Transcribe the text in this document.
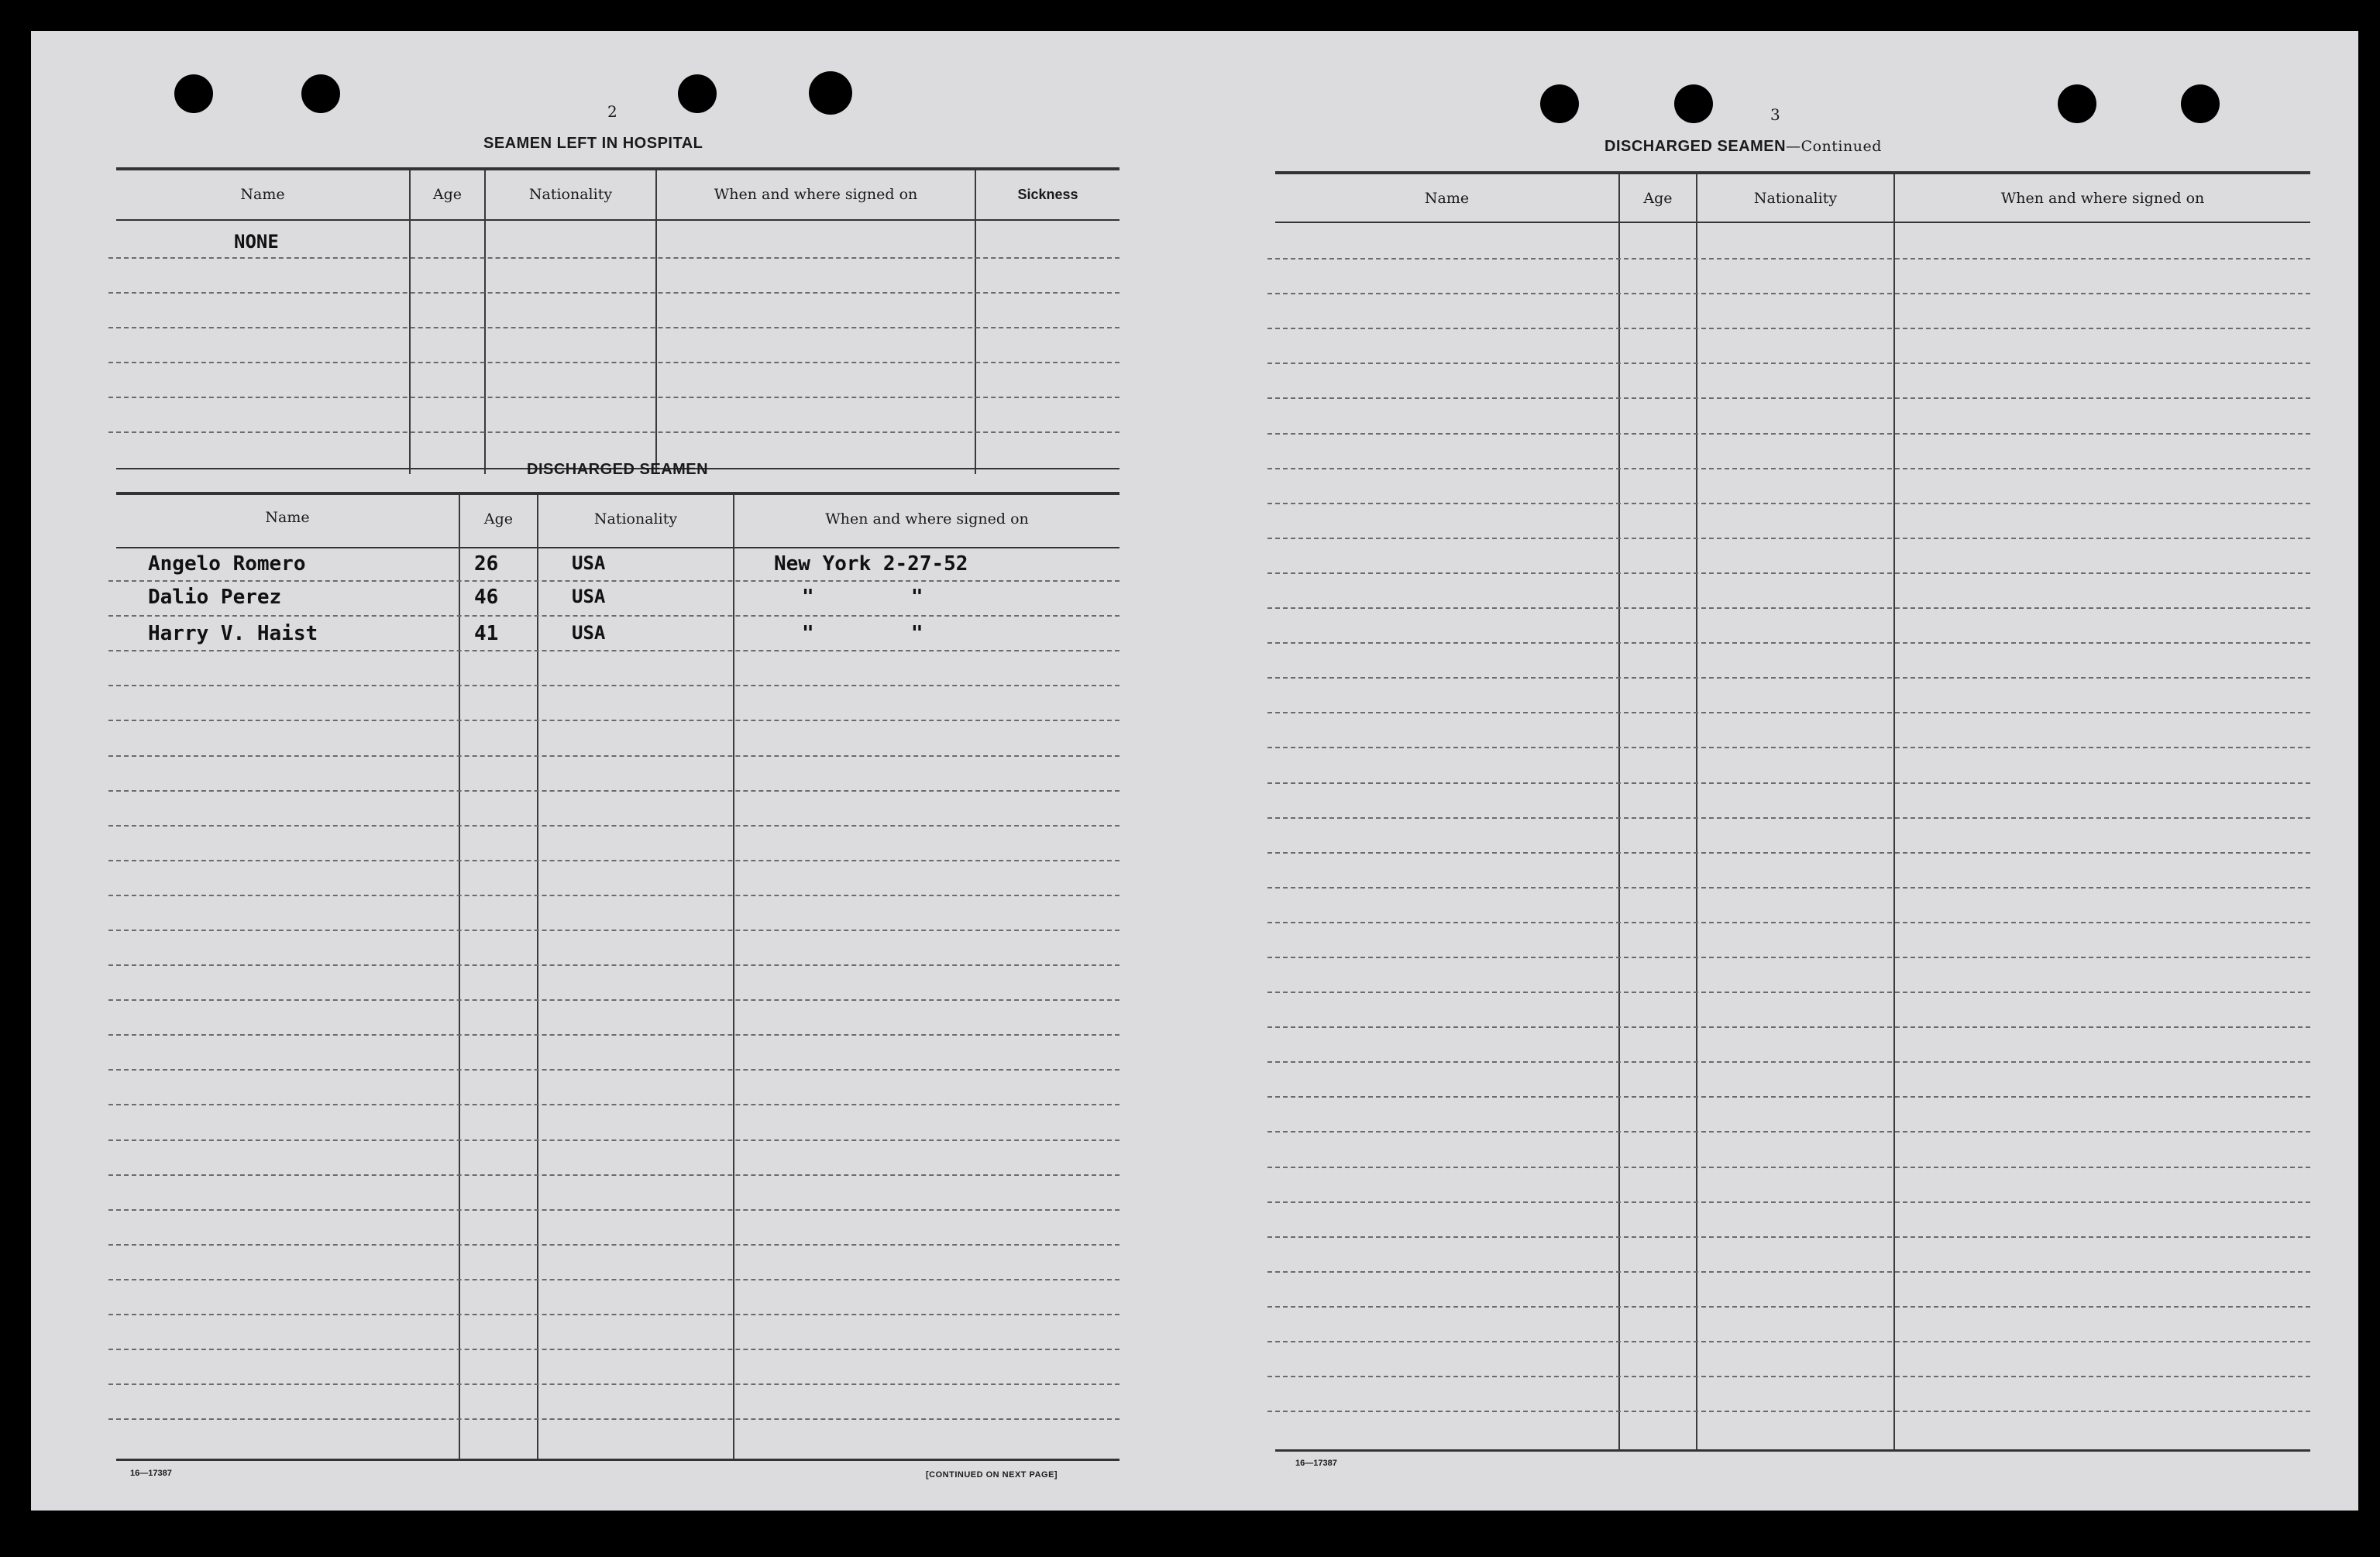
2
SEAMEN LEFT IN HOSPITAL
Name	Age	Nationality	When and where signed on	Sickness
NONE
DISCHARGED SEAMEN
Name	Age	Nationality	When and where signed on
Angelo Romero	26	USA	New York 2-27-52
Dalio Perez	46	USA	"        "
Harry V. Haist	41	USA	"        "
16—17387	[CONTINUED ON NEXT PAGE]
3
DISCHARGED SEAMEN—Continued
Name	Age	Nationality	When and where signed on
16—17387
